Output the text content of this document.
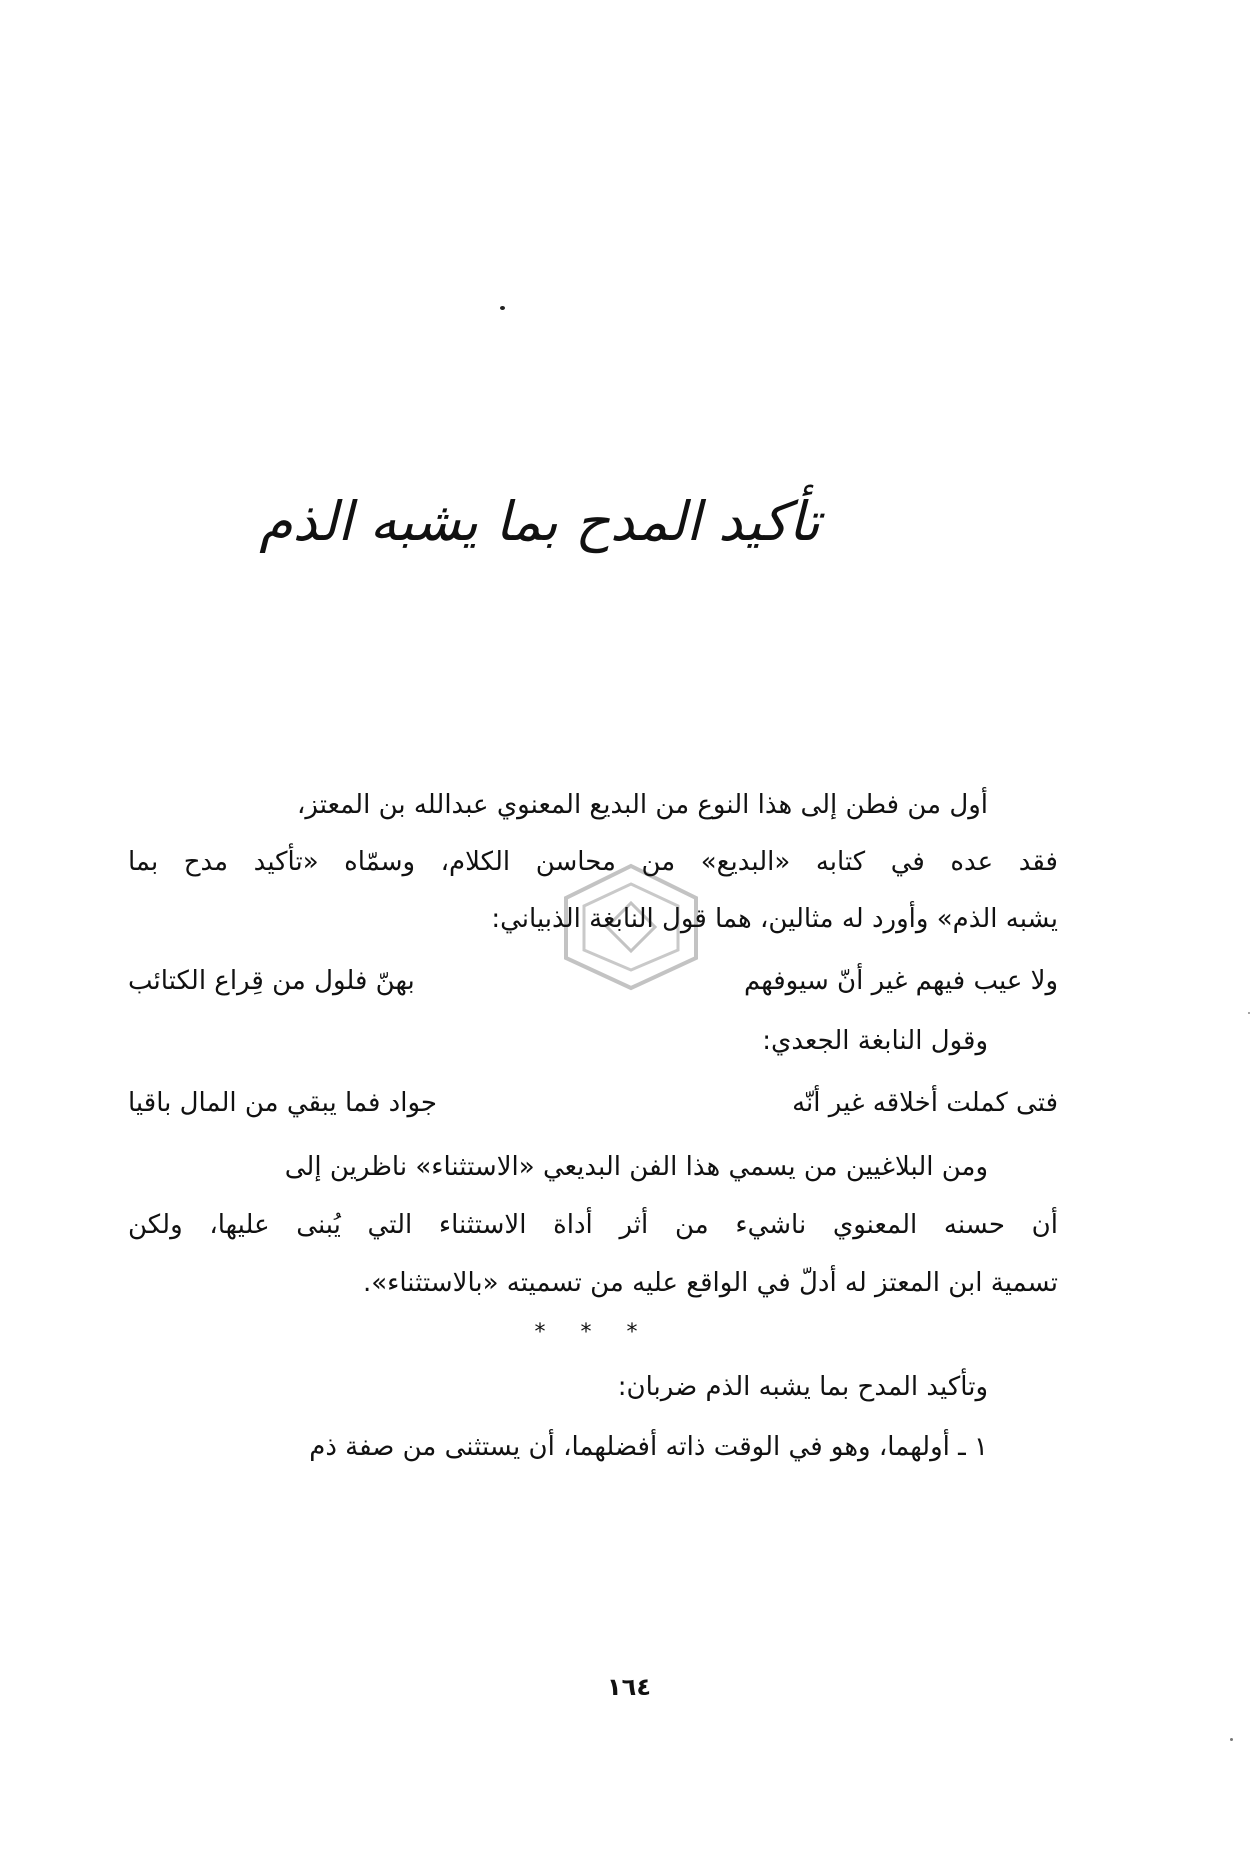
تأكيد المدح بما يشبه الذم
أول من فطن إلى هذا النوع من البديع المعنوي عبدالله بن المعتز،
فقد عده في كتابه «البديع» من محاسن الكلام، وسمّاه «تأكيد مدح بما
يشبه الذم» وأورد له مثالين، هما قول النابغة الذبياني:
ولا عيب فيهم غير أنّ سيوفهم
بهنّ فلول من قِراع الكتائب
وقول النابغة الجعدي:
فتى كملت أخلاقه غير أنّه
جواد فما يبقي من المال باقيا
ومن البلاغيين من يسمي هذا الفن البديعي «الاستثناء» ناظرين إلى
أن حسنه المعنوي ناشيء من أثر أداة الاستثناء التي يُبنى عليها، ولكن
تسمية ابن المعتز له أدلّ في الواقع عليه من تسميته «بالاستثناء».
* * *
وتأكيد المدح بما يشبه الذم ضربان:
١ ـ أولهما، وهو في الوقت ذاته أفضلهما، أن يستثنى من صفة ذم
١٦٤
